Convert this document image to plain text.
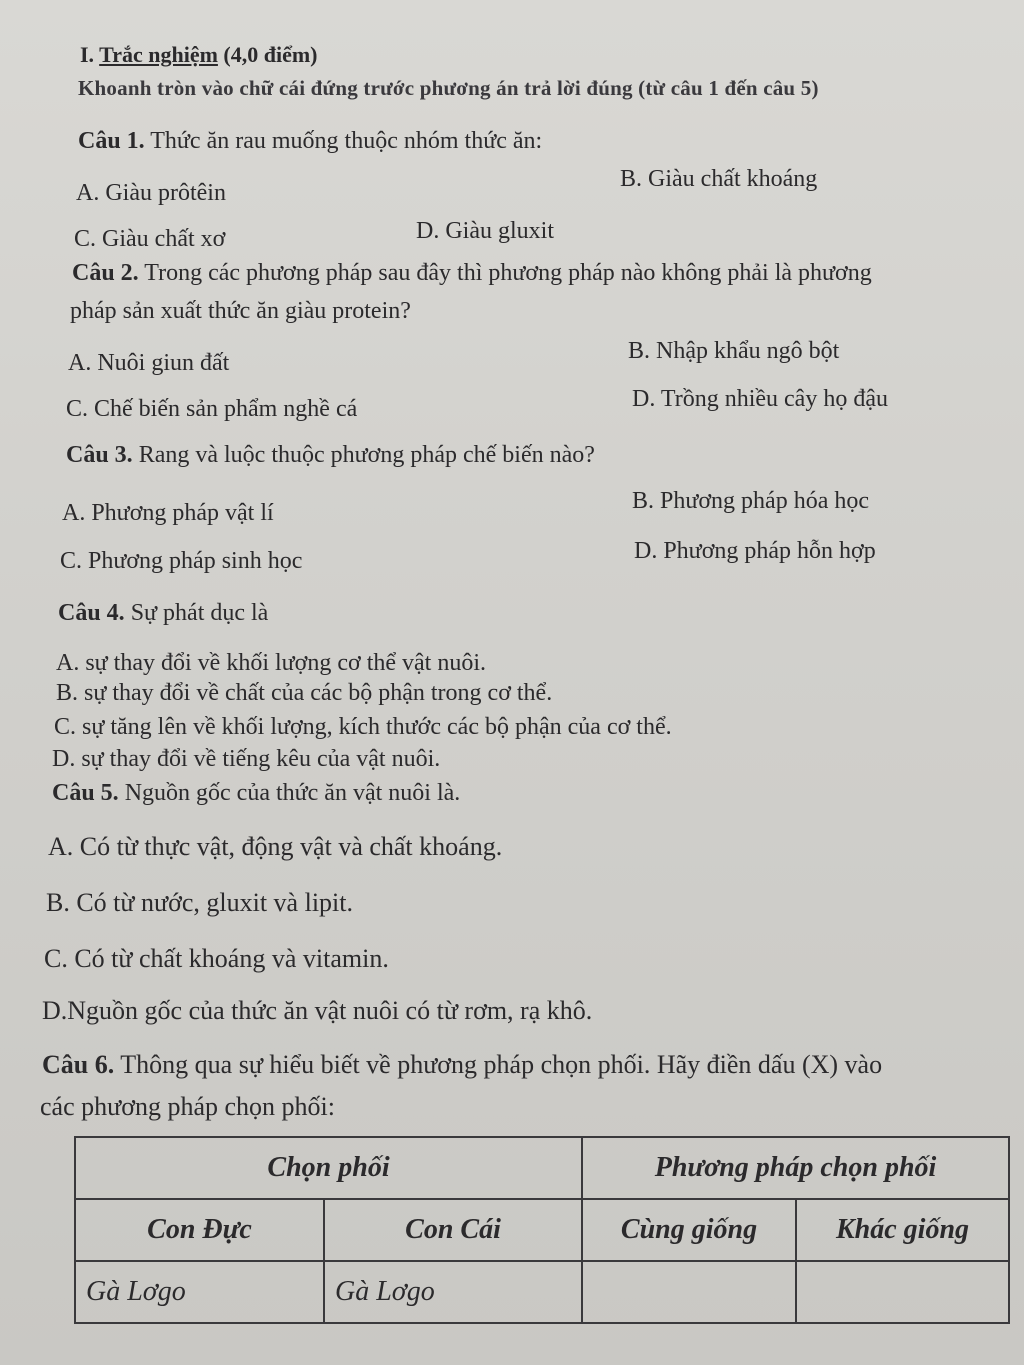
I. Trắc nghiệm (4,0 điểm)
Khoanh tròn vào chữ cái đứng trước phương án trả lời đúng (từ câu 1 đến câu 5)
Câu 1. Thức ăn rau muống thuộc nhóm thức ăn:
A. Giàu prôtêin
B. Giàu chất khoáng
C. Giàu chất xơ	D. Giàu gluxit
Câu 2. Trong các phương pháp sau đây thì phương pháp nào không phải là phương
pháp sản xuất thức ăn giàu protein?
A. Nuôi giun đất	B. Nhập khẩu ngô bột
C. Chế biến sản phẩm nghề cá	D. Trồng nhiều cây họ đậu
Câu 3. Rang và luộc thuộc phương pháp chế biến nào?
A. Phương pháp vật lí	B. Phương pháp hóa học
C. Phương pháp sinh học	D. Phương pháp hỗn hợp
Câu 4. Sự phát dục là
A. sự thay đổi về khối lượng cơ thể vật nuôi.
B. sự thay đổi về chất của các bộ phận trong cơ thể.
C. sự tăng lên về khối lượng, kích thước các bộ phận của cơ thể.
D. sự thay đổi về tiếng kêu của vật nuôi.
Câu 5. Nguồn gốc của thức ăn vật nuôi là.
A. Có từ thực vật, động vật và chất khoáng.
B. Có từ nước, gluxit và lipit.
C. Có từ chất khoáng và vitamin.
D.Nguồn gốc của thức ăn vật nuôi có từ rơm, rạ khô.
Câu 6. Thông qua sự hiểu biết về phương pháp chọn phối. Hãy điền dấu (X) vào
các phương pháp chọn phối:
Chọn phối		Phương pháp chọn phối	
Con Đực	Con Cái	Cùng giống	Khác giống
Gà Lơgo	Gà Lơgo		
